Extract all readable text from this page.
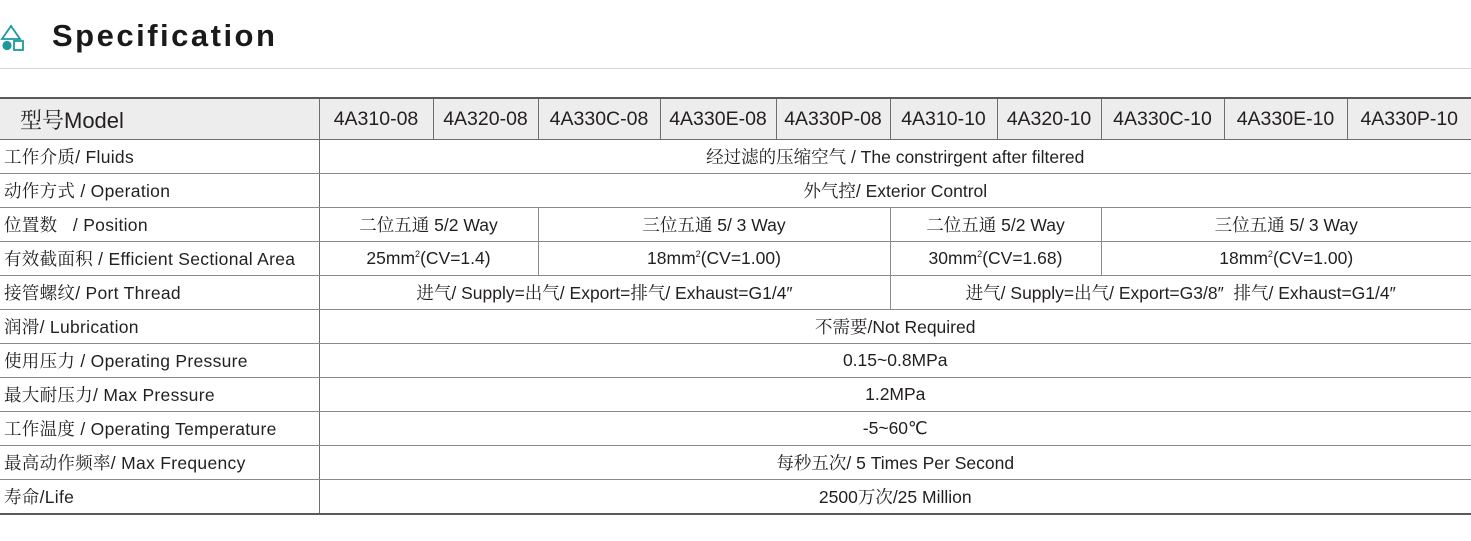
Specification
型号Model	4A310-08	4A320-08	4A330C-08	4A330E-08	4A330P-08	4A310-10	4A320-10	4A330C-10	4A330E-10	4A330P-10
工作介质/ Fluids	经过滤的压缩空气 / The constrirgent after filtered									
动作方式 / Operation	外气控/ Exterior Control									
位置数   / Position	二位五通 5/2 Way		三位五通 5/ 3 Way			二位五通 5/2 Way		三位五通 5/ 3 Way		
有效截面积 / Efficient Sectional Area	$25mm^2(CV=1.4)$		$18mm^2(CV=1.00)$			$30mm^2(CV=1.68)$		$18mm^2(CV=1.00)$		
接管螺纹/ Port Thread	进气/ Supply=出气/ Export=排气/ Exhaust=G1/4″					进气/ Supply=出气/ Export=G3/8″  排气/ Exhaust=G1/4″				
润滑/ Lubrication	不需要/Not Required									
使用压力 / Operating Pressure	0.15~0.8MPa									
最大耐压力/ Max Pressure	1.2MPa									
工作温度 / Operating Temperature	-5~60℃									
最高动作频率/ Max Frequency	每秒五次/ 5 Times Per Second									
寿命/Life	2500万次/25 Million									
